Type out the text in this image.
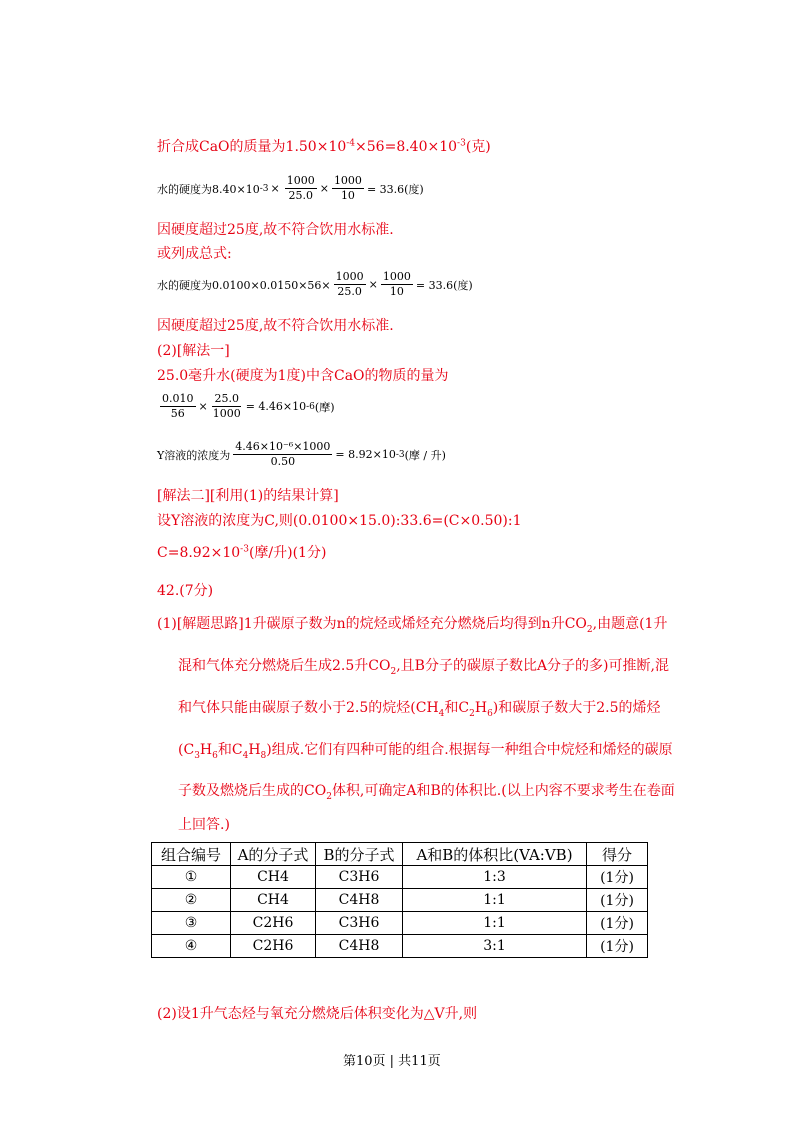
折合成CaO的质量为$1.50\times 10^{-4}\times 56=8.40\times 10^{-3}$(克)
水的硬度为8.40×10 $-3 \times \frac{1000}{25.0} \times \frac{1000}{10} = 33.6$(度)
因硬度超过25度,故不符合饮用水标准.
或列成总式:
水的硬度为$0.0100\times 0.0150\times 56\times \frac{1000}{25.0} \times \frac{1000}{10} = 33.6$(度)
因硬度超过25度,故不符合饮用水标准.
(2)[解法一]
25.0毫升水(硬度为1度)中含CaO的物质的量为
$\frac{0.010}{56} \times \frac{25.0}{1000} = 4.46\times 10$ -6 (摩)
Y溶液的浓度为 $\frac{\text{4.46×10⁻⁶×1000}}{0.50} = 8.92\times 10$ -3 (摩 / 升)
[解法二][利用(1)的结果计算]
设Y溶液的浓度为C,则(0.0100×15.0):33.6=(C×0.50):1
$C=8.92\times 10^{-3}$(摩/升)(1分)
42.(7分)
(1)[解题思路]1升碳原子数为n的烷烃或烯烃充分燃烧后均得到n升$CO_2$,由题意(1升
混和气体充分燃烧后生成2.5升$CO_2$,且B分子的碳原子数比A分子的多)可推断,混
和气体只能由碳原子数小于2.5的烷烃($CH_4$和$C_2H_6$)和碳原子数大于2.5的烯烃
($C_3H_6$和$C_4H_8$)组成.它们有四种可能的组合.根据每一种组合中烷烃和烯烃的碳原
子数及燃烧后生成的$CO_2$体积,可确定A和B的体积比.(以上内容不要求考生在卷面
上回答.)
组合编号	A的分子式	B的分子式	A和B的体积比(VA:VB)	得分
①	CH4	C3H6	1:3	(1分)
②	CH4	C4H8	1:1	(1分)
③	C2H6	C3H6	1:1	(1分)
④	C2H6	C4H8	3:1	(1分)
(2)设1升气态烃与氧充分燃烧后体积变化为△V升,则
第10页 | 共11页
